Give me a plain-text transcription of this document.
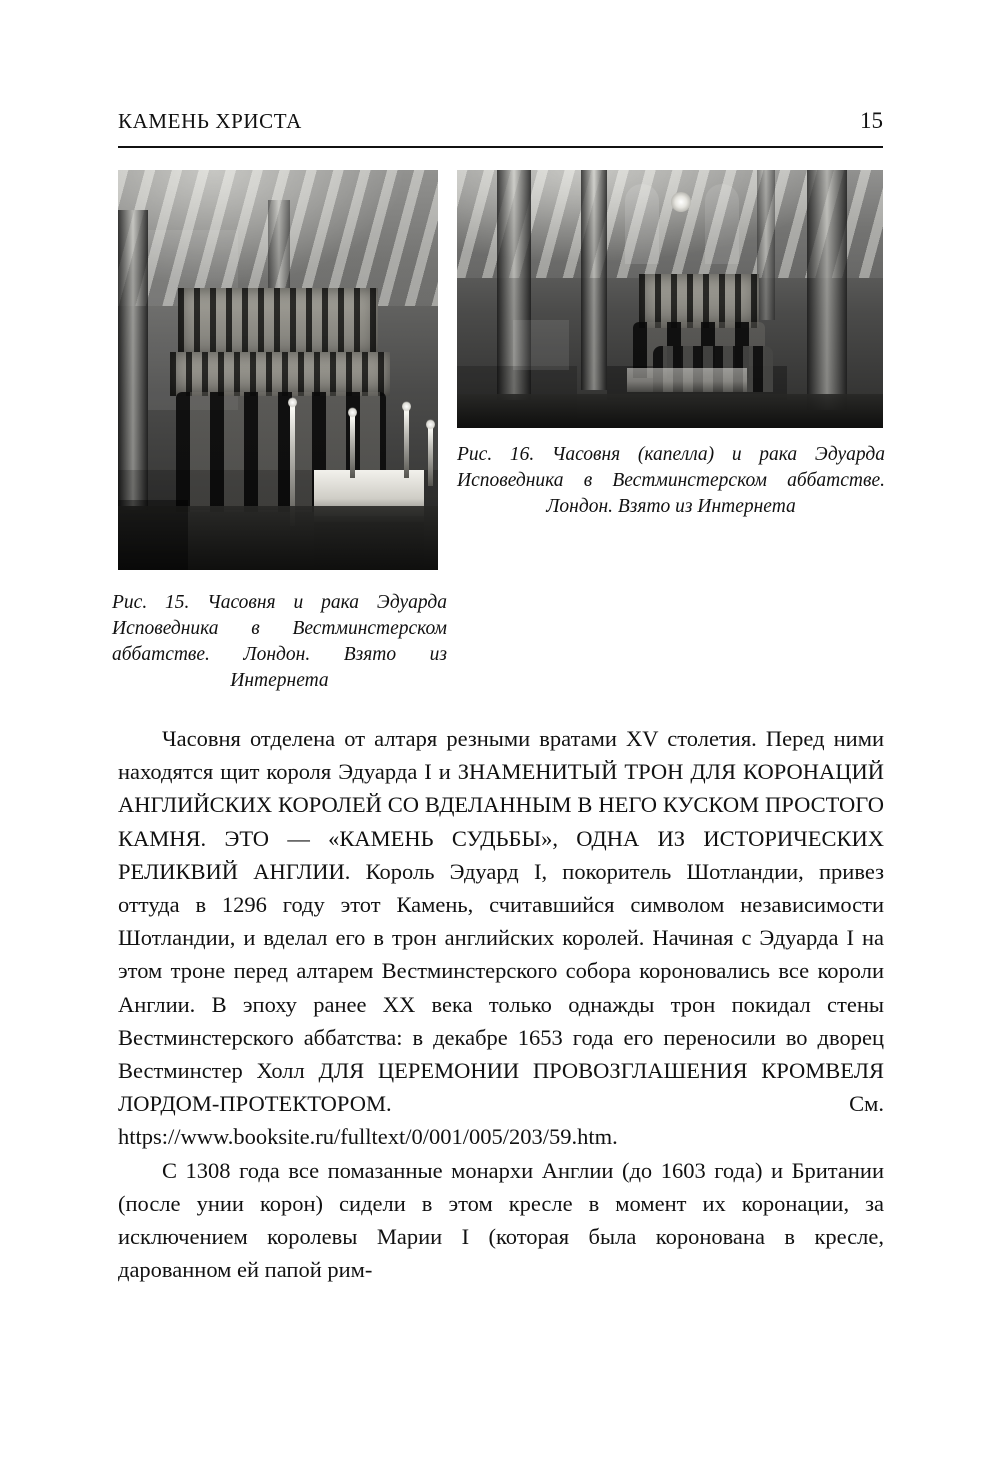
КАМЕНЬ ХРИСТА	15
Рис. 16. Часовня (капелла) и рака Эдуарда Исповедника в Вестминстерском аббатстве. Лондон. Взято из Интернета
Рис. 15. Часовня и рака Эдуарда Исповедника в Вестминстерском аббатстве. Лондон. Взято из Интернета

Часовня отделена от алтаря резными вратами XV столетия. Перед ними находятся щит короля Эдуарда I и ЗНАМЕНИТЫЙ ТРОН ДЛЯ КОРОНАЦИЙ АНГЛИЙСКИХ КОРОЛЕЙ СО ВДЕЛАННЫМ В НЕГО КУСКОМ ПРОСТОГО КАМНЯ. ЭТО — «КАМЕНЬ СУДЬБЫ», ОДНА ИЗ ИСТОРИЧЕСКИХ РЕЛИКВИЙ АНГЛИИ. Король Эдуард I, покоритель Шотландии, привез оттуда в 1296 году этот Камень, считавшийся символом независимости Шотландии, и вделал его в трон английских королей. Начиная с Эдуарда I на этом троне перед алтарем Вестминстерского собора короновались все короли Англии. В эпоху ранее XX века только однажды трон покидал стены Вестминстерского аббатства: в декабре 1653 года его переносили во дворец Вестминстер Холл ДЛЯ ЦЕРЕМОНИИ ПРОВОЗГЛАШЕНИЯ КРОМВЕЛЯ ЛОРДОМ-ПРОТЕКТОРОМ. См. https://www.booksite.ru/fulltext/0/001/005/203/59.htm.

С 1308 года все помазанные монархи Англии (до 1603 года) и Британии (после унии корон) сидели в этом кресле в момент их коронации, за исключением королевы Марии I (которая была коронована в кресле, дарованном ей папой рим-
